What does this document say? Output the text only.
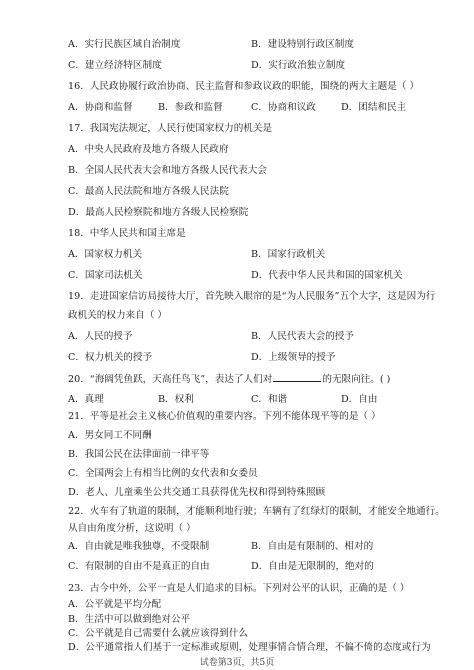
A．实行民族区域自治制度	B．建设特别行政区制度
C．建立经济特区制度	D．实行政治独立制度
16．人民政协履行政治协商、民主监督和参政议政的职能，围绕的两大主题是（ ）
A．协商和监督	B．参政和监督	C．协商和议政	D．团结和民主
17．我国宪法规定，人民行使国家权力的机关是
A．中央人民政府及地方各级人民政府
B．全国人民代表大会和地方各级人民代表大会
C．最高人民法院和地方各级人民法院
D．最高人民检察院和地方各级人民检察院
18．中华人民共和国主席是
A．国家权力机关	B．国家行政机关
C．国家司法机关	D．代表中华人民共和国的国家机关
19．走进国家信访局接待大厅，首先映入眼帘的是“为人民服务”五个大字，这是因为行
政机关的权力来自（ ）
A．人民的授予	B．人民代表大会的授予
C．权力机关的授予	D．上级领导的授予
20．“海阔凭鱼跃，天高任鸟飞”，表达了人们对	的无限向往。( )
A．真理	B．权利	C．和谐	D．自由
21．平等是社会主义核心价值观的重要内容。下列不能体现平等的是（ ）
A．男女同工不同酬
B．我国公民在法律面前一律平等
C．全国两会上有相当比例的女代表和女委员
D．老人、儿童乘坐公共交通工具获得优先权和得到特殊照顾
22．火车有了轨道的限制，才能顺利地行驶；车辆有了红绿灯的限制，才能安全地通行。
从自由角度分析，这说明（ ）
A．自由就是唯我独尊，不受限制	B．自由是有限制的、相对的
C．有限制的自由不是真正的自由	D．自由是无限制的，绝对的
23．古今中外，公平一直是人们追求的目标。下列对公平的认识，正确的是（ ）
试卷第3页，共5页
A．公平就是平均分配
B．生活中可以做到绝对公平
C．公平就是自己需要什么就应该得到什么
D．公平通常指人们基于一定标准或原则，处理事情合情合理，不偏不倚的态度或行为
